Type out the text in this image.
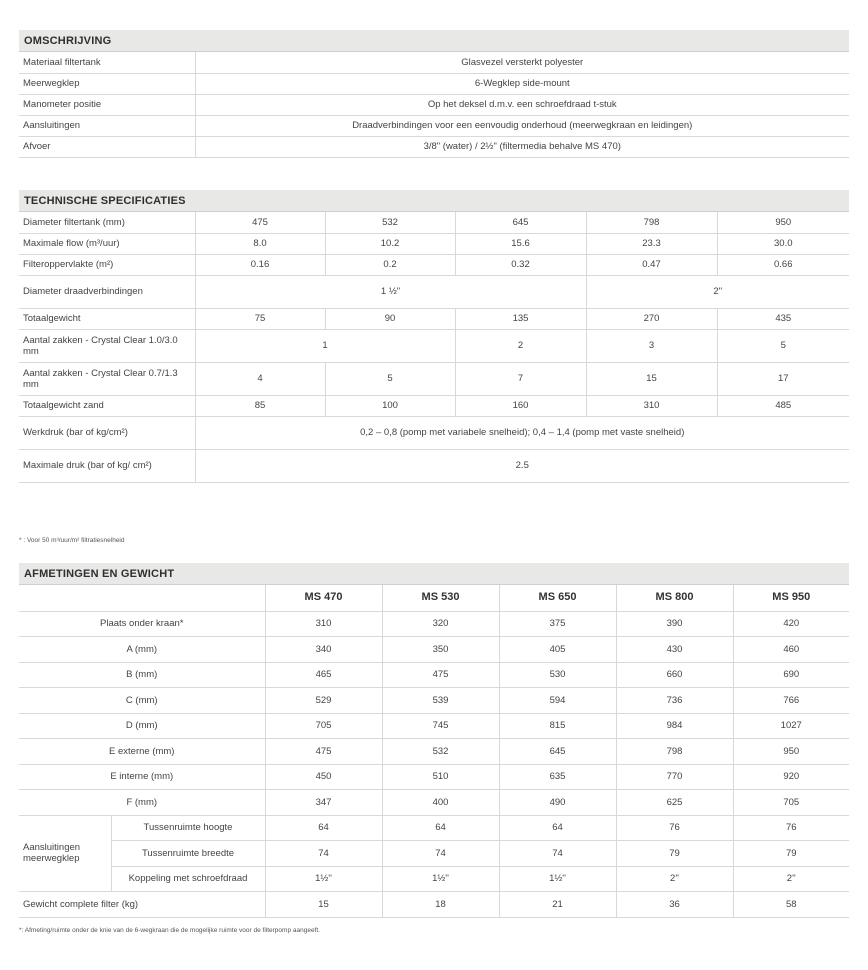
OMSCHRIJVING
Materiaal filtertank	Glasvezel versterkt polyester
Meerwegklep	6-Wegklep side-mount
Manometer positie	Op het deksel d.m.v. een schroefdraad t-stuk
Aansluitingen	Draadverbindingen voor een eenvoudig onderhoud (meerwegkraan en leidingen)
Afvoer	3/8" (water) / 2½" (filtermedia behalve MS 470)
TECHNISCHE SPECIFICATIES
Diameter filtertank (mm)	475	532	645	798	950
Maximale flow (m³/uur)	8.0	10.2	15.6	23.3	30.0
Filteroppervlakte (m²)	0.16	0.2	0.32	0.47	0.66
Diameter draadverbindingen	1 ½"			2"	
Totaalgewicht	75	90	135	270	435
Aantal zakken - Crystal Clear 1.0/3.0 mm	1		2	3	5
Aantal zakken - Crystal Clear 0.7/1.3 mm	4	5	7	15	17
Totaalgewicht zand	85	100	160	310	485
Werkdruk (bar of kg/cm²)	0,2 – 0,8 (pomp met variabele snelheid); 0,4 – 1,4 (pomp met vaste snelheid)				
Maximale druk (bar of kg/ cm²)	2.5				
* : Voor 50 m³/uur/m² filtratiesnelheid
AFMETINGEN EN GEWICHT
		MS 470	MS 530	MS 650	MS 800	MS 950
Plaats onder kraan*		310	320	375	390	420
A (mm)		340	350	405	430	460
B (mm)		465	475	530	660	690
C (mm)		529	539	594	736	766
D (mm)		705	745	815	984	1027
E externe (mm)		475	532	645	798	950
E interne (mm)		450	510	635	770	920
F (mm)		347	400	490	625	705
Aansluitingen meerwegklep	Tussenruimte hoogte	64	64	64	76	76
	Tussenruimte breedte	74	74	74	79	79
	Koppeling met schroefdraad	1½''	1½''	1½''	2''	2''
Gewicht complete filter (kg)		15	18	21	36	58
*: Afmeting/ruimte onder de knie van de 6-wegkraan die de mogelijke ruimte voor de filterpomp aangeeft.
